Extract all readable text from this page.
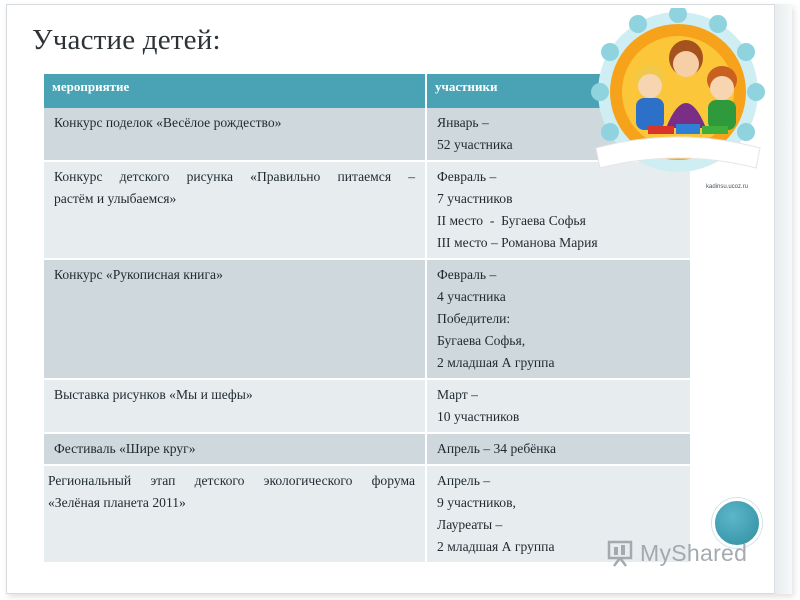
Участие детей:
мероприятие	участники

Конкурс поделок «Весёлое рождество»	Январь –
52 участника

Конкурс детского рисунка «Правильно питаемся –
растём и улыбаемся»	Февраль –
7 участников
II место  -  Бугаева Софья
III место – Романова Мария

Конкурс «Рукописная книга»	Февраль –
4 участника
Победители:
Бугаева Софья,
2 младшая А группа

Выставка рисунков «Мы и шефы»	Март –
10 участников

Фестиваль «Шире круг»	Апрель – 34 ребёнка

Региональный этап детского экологического форума
«Зелёная планета 2011»	Апрель –
9 участников,
Лауреаты –
2 младшая А группа
kadinsu.ucoz.ru
MyShared
